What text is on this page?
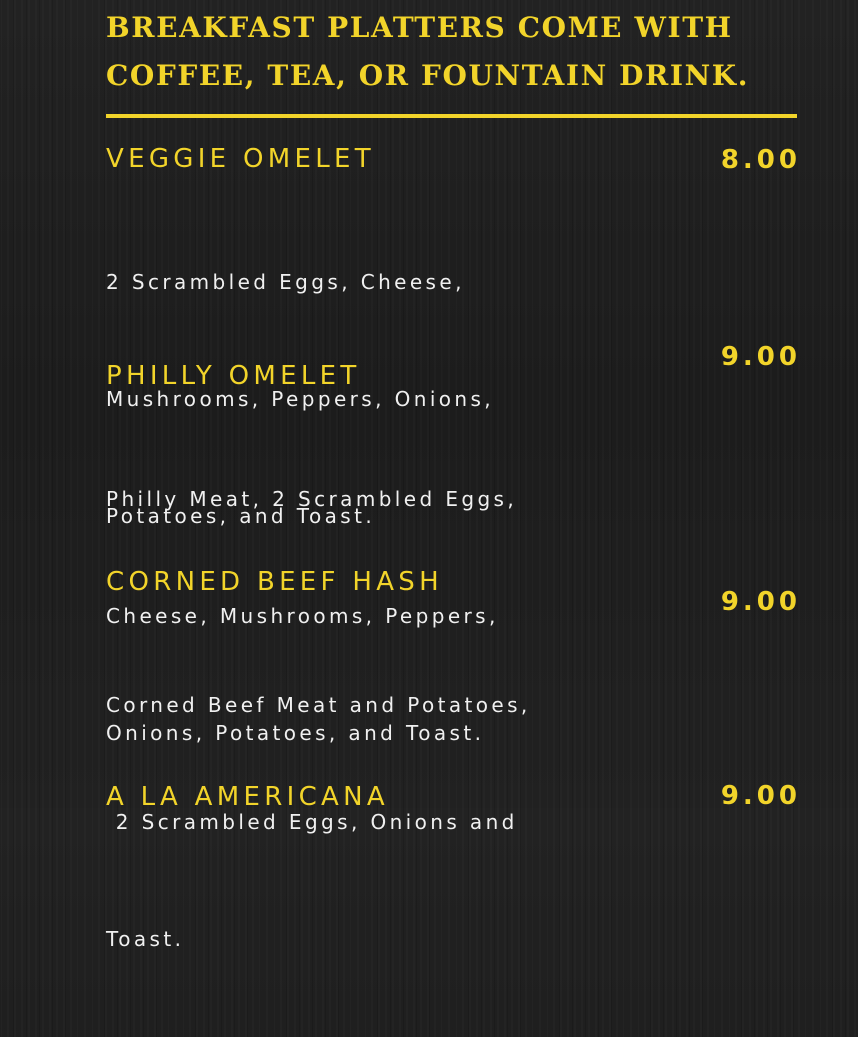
BREAKFAST PLATTERS COME WITH
COFFEE, TEA, OR FOUNTAIN DRINK.
VEGGIE OMELET	8.00

2 Scrambled Eggs, Cheese,

Mushrooms, Peppers, Onions,

Potatoes, and Toast.

9.00
PHILLY OMELET

Philly Meat, 2 Scrambled Eggs,

Cheese, Mushrooms, Peppers,

Onions, Potatoes, and Toast.

CORNED BEEF HASH
9.00

Corned Beef Meat and Potatoes,

2 Scrambled Eggs, Onions and

Toast.

A LA AMERICANA	9.00
